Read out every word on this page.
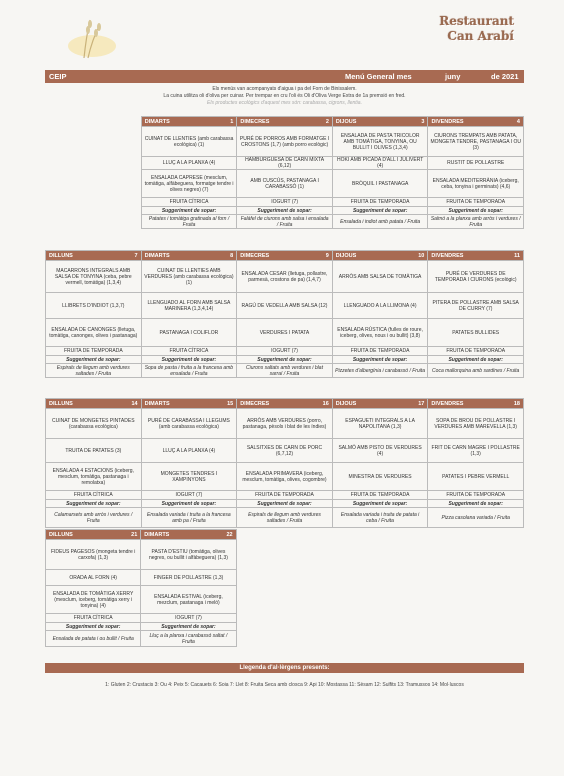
Restaurant
Can Arabí
CEIP	Menú General mes	juny	de 2021
Els menús van acompanyats d'aigua i pa del Forn de Binissalem.
La cuina utilitza oli d'oliva per cuinar. Per trempar en cru l'oli és Oli d'Oliva Verge Extra de 1a premsió en fred.
Els productes ecològics d'aquest mes són: carabassa, cigrons, llentia.
DIMARTS 1	DIMECRES 2	DIJOUS 3	DIVENDRES 4

CUINAT DE LLENTIES (amb carabassa ecològica) (1)	PURÉ DE PORROS AMB FORMATGE I CROSTONS (1,7) (amb porro ecològic)	ENSALADA DE PASTA TRICOLOR AMB TOMÀTIGA, TONYINA, OU BULLIT I OLIVES (1,3,4)	CIURONS TREMPATS AMB PATATA, MONGETA TENDRE, PASTANAGA I OU (3)
LLUÇ A LA PLANXA (4)	HAMBURGUESA DE CARN MIXTA (6,12)	HOKI AMB PICADA D'ALL I JULIVERT (4)	RUSTIT DE POLLASTRE
ENSALADA CAPRESE (mesclum, tomàtiga, alfàbeguera, formatge tendre i olives negres) (7)	AMB CUSCÚS, PASTANAGA I CARABASSÓ (1)	BRÒQUIL I PASTANAGA	ENSALADA MEDITERRÀNIA (iceberg, ceba, tonyina i germinats) (4,6)
FRUITA CÍTRICA	IOGURT (7)	FRUITA DE TEMPORADA	FRUITA DE TEMPORADA
Suggeriment de sopar:	Suggeriment de sopar:	Suggeriment de sopar:	Suggeriment de sopar:
Patates i tomàtiga gratinada al forn / Fruita	Falàfel de ciurons amb salsa i ensalada / Fruita	Ensalada i indiot amb patata / Fruita	Salmó a la planxa amb arròs i verdures / Fruita
DILLUNS 7	DIMARTS 8	DIMECRES 9	DIJOUS 10	DIVENDRES 11

MACARRONS INTEGRALS AMB SALSA DE TONYINA (ceba, pebre vermell, tomàtiga) (1,3,4)	CUINAT DE LLENTIES AMB VERDURES (amb carabassa ecològica) (1)	ENSALADA CESAR (lletuga, pollastre, parmesà, crostons de pa) (1,4,7)	ARRÒS AMB SALSA DE TOMÀTIGA	PURÉ DE VERDURES DE TEMPORADA I CIURONS (ecològic)
LLIBRETS D'INDIOT (1,3,7)	LLENGUADO AL FORN AMB SALSA MARINERA (1,3,4,14)	RAGÚ DE VEDELLA AMB SALSA (12)	LLENGUADO A LA LLIMONA (4)	PITERA DE POLLASTRE AMB SALSA DE CURRY (7)
ENSALADA DE CANONGES (lletuga, tomàtiga, canonges, olives i pastanaga)	PASTANAGA I COLIFLOR	VERDURES I PATATA	ENSALADA RÚSTICA (fulles de roure, iceberg, olives, nous i ou bullit) (3,8)	PATATES BULLIDES
FRUITA DE TEMPORADA	FRUITA CÍTRICA	IOGURT (7)	FRUITA DE TEMPORADA	FRUITA DE TEMPORADA
Suggeriment de sopar:	Suggeriment de sopar:	Suggeriment de sopar:	Suggeriment de sopar:	Suggeriment de sopar:
Espirals de llegum amb verdures saltades / Fruita	Sopa de pasta i fruita a la francesa amb ensalada / Fruita	Ciurons saltats amb verdures i blat sarraí / Fruita	Pizzetes d'albergínia i carabassó / Fruita	Coca mallorquina amb sardines / Fruita
DILLUNS 14	DIMARTS 15	DIMECRES 16	DIJOUS 17	DIVENDRES 18

CUINAT DE MONGETES PINTADES (carabassa ecològica)	PURÉ DE CARABASSA I LLEGUMS (amb carabassa ecològica)	ARRÒS AMB VERDURES (porro, pastanaga, pèsols i blat de les índies)	ESPAGUETI INTEGRALS A LA NAPOLITANA (1,3)	SOPA DE BROU DE POLLASTRE I VERDURES AMB MAREVELLA (1,3)
TRUITA DE PATATES (3)	LLUÇ A LA PLANXA (4)	SALSITXES DE CARN DE PORC (6,7,12)	SALMÓ AMB PISTO DE VERDURES (4)	FRIT DE CARN MAGRE I POLLASTRE (1,3)
ENSALADA 4 ESTACIONS (iceberg, mesclum, tomàtiga, pastanaga i remolatxa)	MONGETES TENDRES I XAMPINYONS	ENSALADA PRIMAVERA (iceberg, mesclum, tomàtiga, olives, cogombre)	MINESTRA DE VERDURES	PATATES I PEBRE VERMELL
FRUITA CÍTRICA	IOGURT (7)	FRUITA DE TEMPORADA	FRUITA DE TEMPORADA	FRUITA DE TEMPORADA
Suggeriment de sopar:	Suggeriment de sopar:	Suggeriment de sopar:	Suggeriment de sopar:	Suggeriment de sopar:
Calamarsets amb arròs i verdures / Fruita	Ensalada variada i truita a la francesa amb pa / Fruita	Espirals de llegum amb verdures saltades / Fruita	Ensalada variada i truita de patata i ceba / Fruita	Pizza casolana variada / Fruita
DILLUNS 21	DIMARTS 22

FIDEUS PAGESOS (mongeta tendre i carxofa) (1,3)	PASTA D'ESTIU (tomàtiga, olives negres, ou bullit i alfàbeguera) (1,3)
ORADA AL FORN (4)	FINGER DE POLLASTRE (1,3)
ENSALADA DE TOMÀTIGA XERRY (mesclum, iceberg, tomàtiga xerry i tonyina) (4)	ENSALADA ESTIVAL (iceberg, mezclum, pastanaga i meló)
FRUITA CÍTRICA	IOGURT (7)
Suggeriment de sopar:	Suggeriment de sopar:
Ensalada de patata i ou bullit / Fruita	Lluç a la planxa i carabassó saltat / Fruita
Llegenda d'al·lèrgens presents:
1: Gluten 2: Crustacis 3: Ou 4: Peix 5: Cacauets 6: Soia 7: Llet 8: Fruita Seca amb closca 9: Api 10: Mostassa 11: Sèsam 12: Sulfits 13: Tramussos 14: Mol·luscos
